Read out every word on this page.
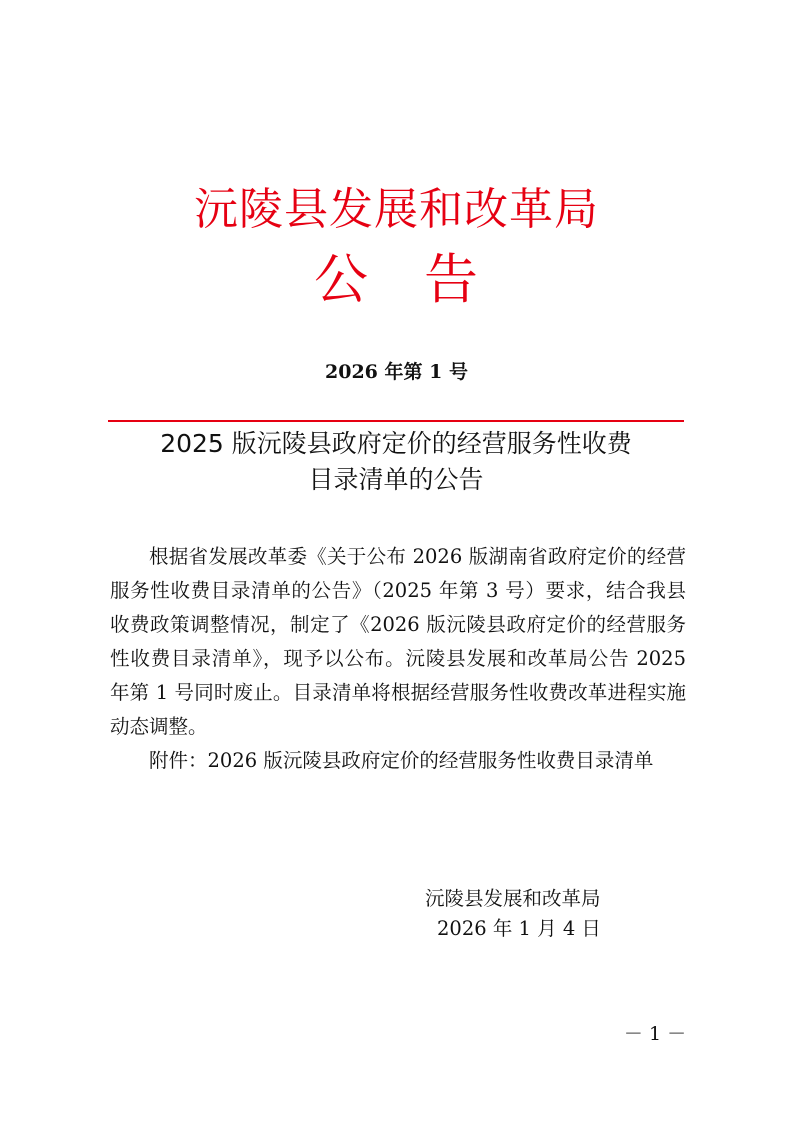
沅陵县发展和改革局
公　告
2026 年第 1 号
2025 版沅陵县政府定价的经营服务性收费
目录清单的公告

根据省发展改革委《关于公布 2026 版湖南省政府定价的经营服务性收费目录清单的公告》（2025 年第 3 号）要求，结合我县收费政策调整情况，制定了《2026 版沅陵县政府定价的经营服务性收费目录清单》，现予以公布。沅陵县发展和改革局公告 2025 年第 1 号同时废止。目录清单将根据经营服务性收费改革进程实施动态调整。

附件：2026 版沅陵县政府定价的经营服务性收费目录清单

沅陵县发展和改革局
2026 年 1 月 4 日
－ 1 －
